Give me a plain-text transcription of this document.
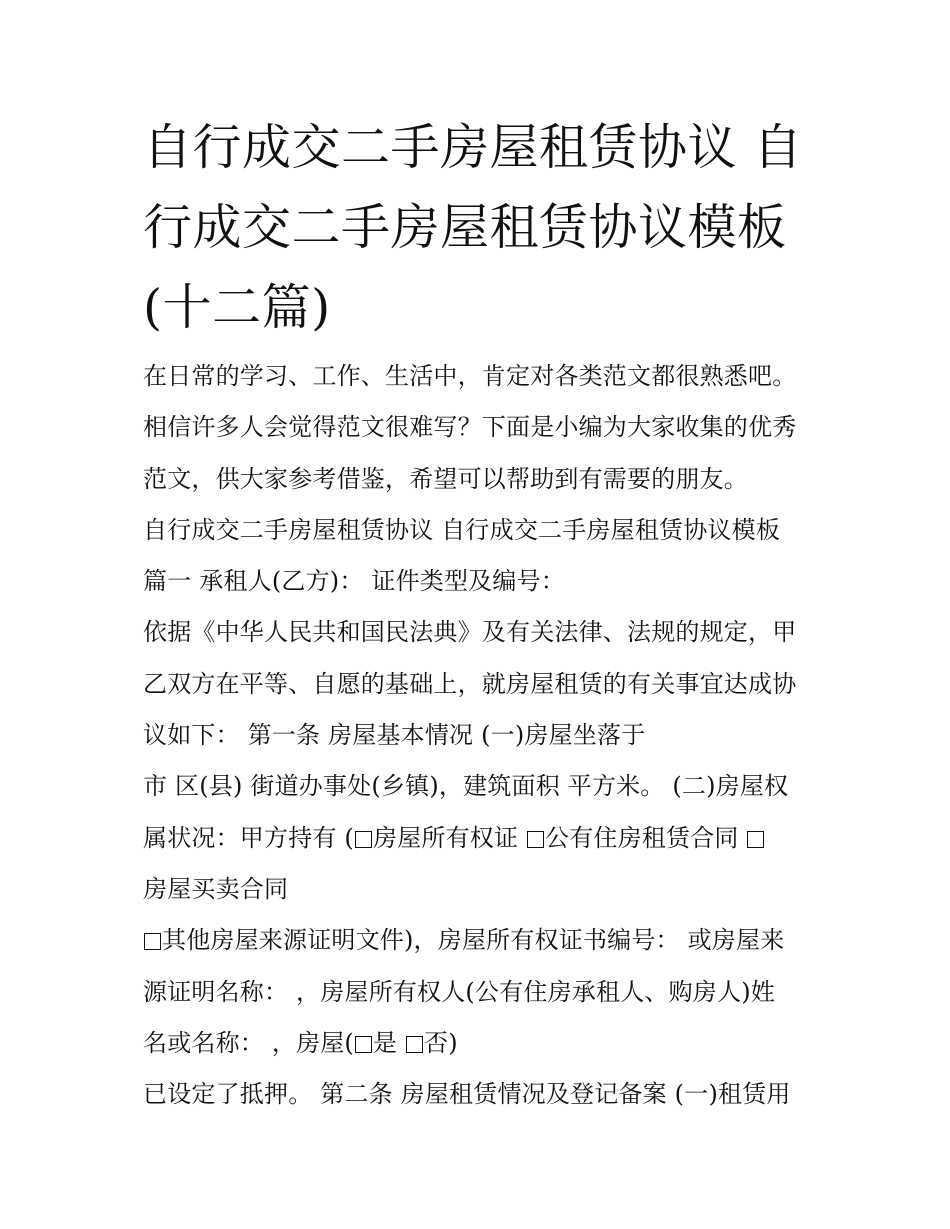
自行成交二手房屋租赁协议 自
行成交二手房屋租赁协议模板
(十二篇)
在日常的学习、工作、生活中，肯定对各类范文都很熟悉吧。
相信许多人会觉得范文很难写？下面是小编为大家收集的优秀
范文，供大家参考借鉴，希望可以帮助到有需要的朋友。
自行成交二手房屋租赁协议 自行成交二手房屋租赁协议模板
篇一 承租人(乙方)： 证件类型及编号：
依据《中华人民共和国民法典》及有关法律、法规的规定，甲
乙双方在平等、自愿的基础上，就房屋租赁的有关事宜达成协
议如下： 第一条 房屋基本情况 (一)房屋坐落于
市 区(县) 街道办事处(乡镇)，建筑面积 平方米。 (二)房屋权
属状况：甲方持有 ( 房屋所有权证 公有住房租赁合同
房屋买卖合同
其他房屋来源证明文件)，房屋所有权证书编号： 或房屋来
源证明名称： ，房屋所有权人(公有住房承租人、购房人)姓
名或名称： ，房屋( 是 否)
已设定了抵押。 第二条 房屋租赁情况及登记备案 (一)租赁用
